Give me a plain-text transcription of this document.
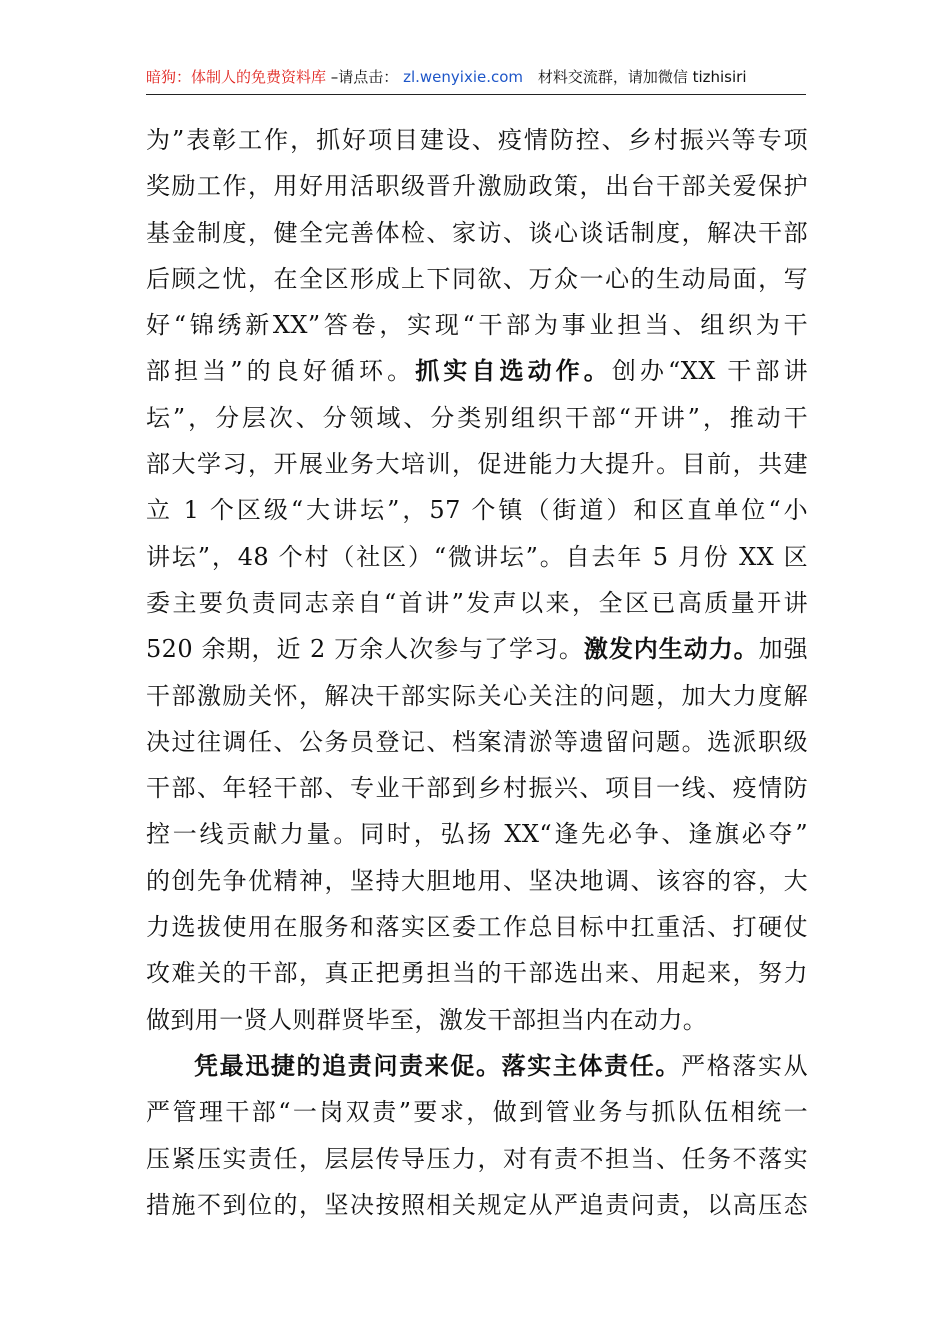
暗狗：体制人的免费资料库 –请点击： zl.wenyixie.com 材料交流群，请加微信 tizhisiri
为”表彰工作，抓好项目建设、疫情防控、乡村振兴等专项
奖励工作，用好用活职级晋升激励政策，出台干部关爱保护
基金制度，健全完善体检、家访、谈心谈话制度，解决干部
后顾之忧，在全区形成上下同欲、万众一心的生动局面，写
好“锦绣新XX”答卷，实现“干部为事业担当、组织为干
部担当”的良好循环。抓实自选动作。创办“XX 干部讲
坛”，分层次、分领域、分类别组织干部“开讲”，推动干
部大学习，开展业务大培训，促进能力大提升。目前，共建
立 1 个区级“大讲坛”，57 个镇（街道）和区直单位“小
讲坛”，48 个村（社区）“微讲坛”。自去年 5 月份 XX 区
委主要负责同志亲自“首讲”发声以来，全区已高质量开讲
520 余期，近 2 万余人次参与了学习。激发内生动力。加强
干部激励关怀，解决干部实际关心关注的问题，加大力度解
决过往调任、公务员登记、档案清淤等遗留问题。选派职级
干部、年轻干部、专业干部到乡村振兴、项目一线、疫情防
控一线贡献力量。同时，弘扬 XX“逢先必争、逢旗必夺”
的创先争优精神，坚持大胆地用、坚决地调、该容的容，大
力选拔使用在服务和落实区委工作总目标中扛重活、打硬仗
攻难关的干部，真正把勇担当的干部选出来、用起来，努力
做到用一贤人则群贤毕至，激发干部担当内在动力。
凭最迅捷的追责问责来促。落实主体责任。严格落实从
严管理干部“一岗双责”要求，做到管业务与抓队伍相统一
压紧压实责任，层层传导压力，对有责不担当、任务不落实
措施不到位的，坚决按照相关规定从严追责问责，以高压态
